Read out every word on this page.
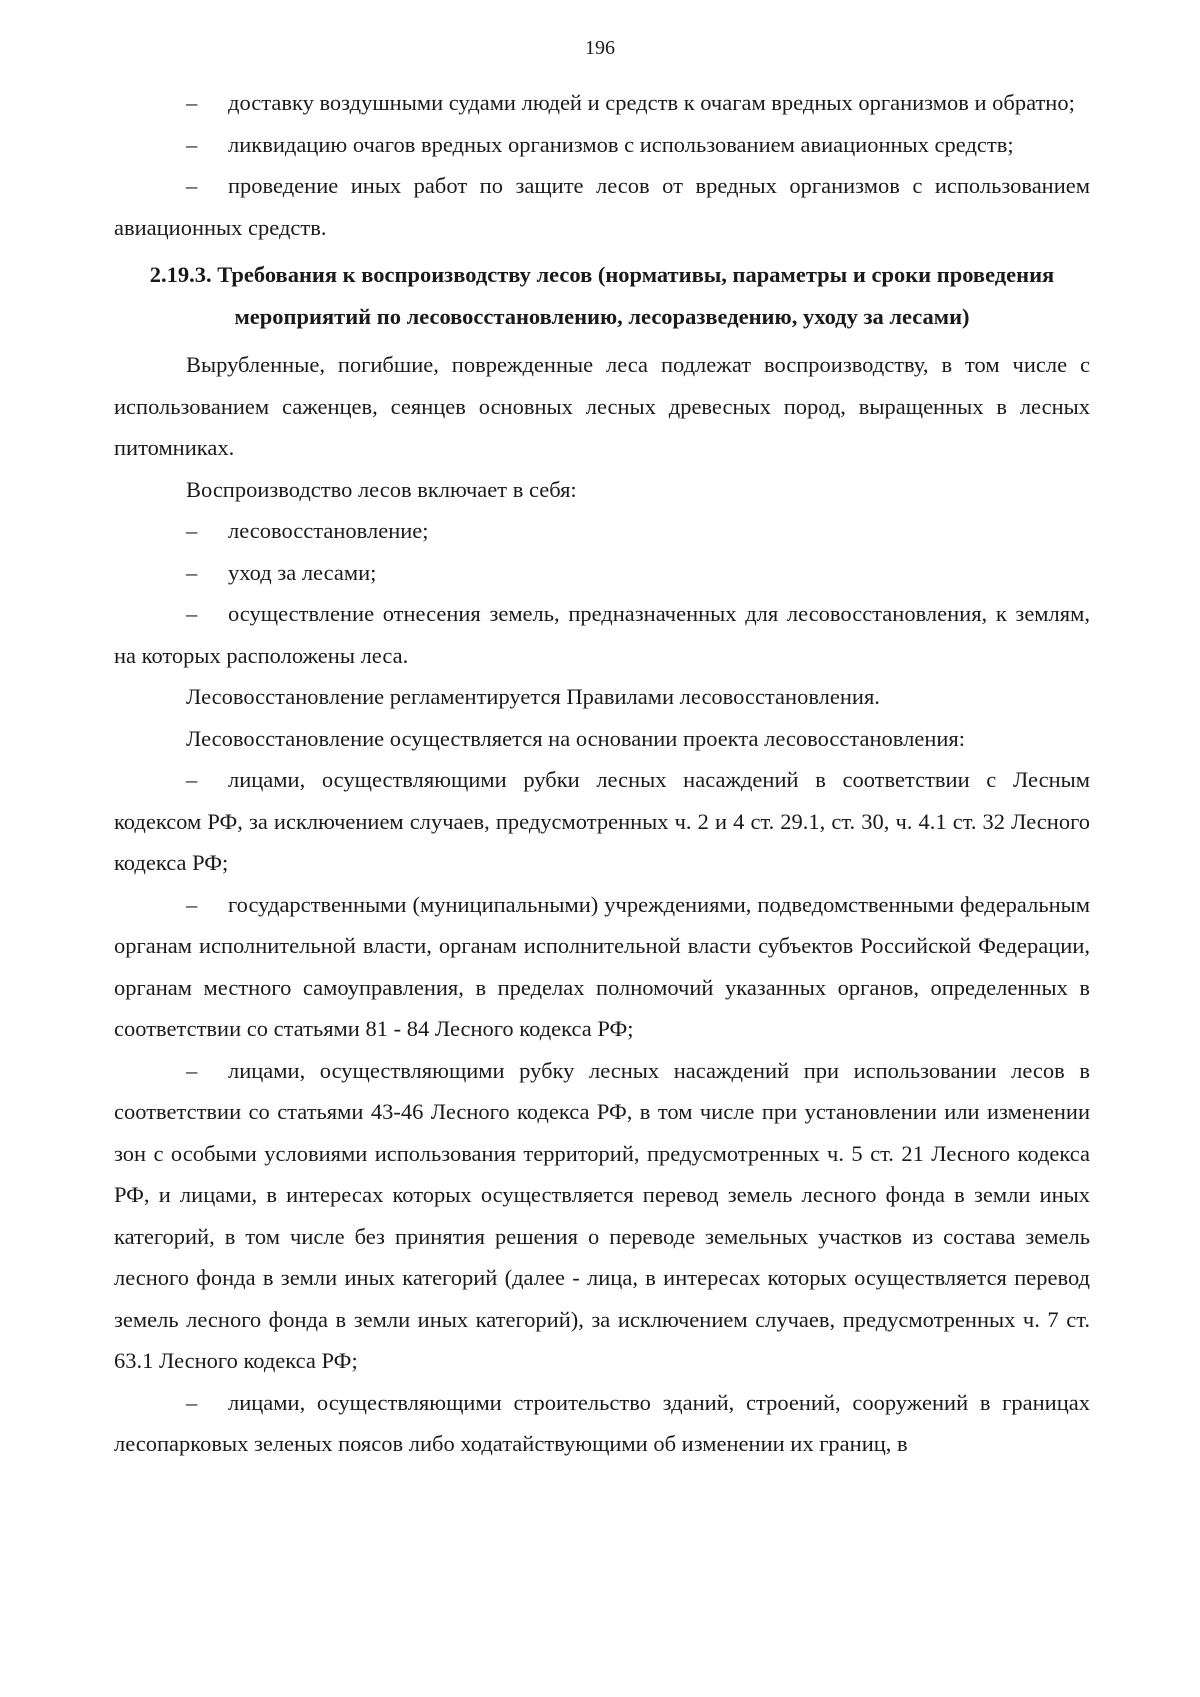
196

– доставку воздушными судами людей и средств к очагам вредных организмов и обратно;

– ликвидацию очагов вредных организмов с использованием авиационных средств;

– проведение иных работ по защите лесов от вредных организмов с использованием авиационных средств.

2.19.3. Требования к воспроизводству лесов (нормативы, параметры и сроки проведения мероприятий по лесовосстановлению, лесоразведению, уходу за лесами)

Вырубленные, погибшие, поврежденные леса подлежат воспроизводству, в том числе с использованием саженцев, сеянцев основных лесных древесных пород, выращенных в лесных питомниках.

Воспроизводство лесов включает в себя:

– лесовосстановление;

– уход за лесами;

– осуществление отнесения земель, предназначенных для лесовосстановления, к землям, на которых расположены леса.

Лесовосстановление регламентируется Правилами лесовосстановления.

Лесовосстановление осуществляется на основании проекта лесовосстановления:

– лицами, осуществляющими рубки лесных насаждений в соответствии с Лесным кодексом РФ, за исключением случаев, предусмотренных ч. 2 и 4 ст. 29.1, ст. 30, ч. 4.1 ст. 32 Лесного кодекса РФ;

– государственными (муниципальными) учреждениями, подведомственными федеральным органам исполнительной власти, органам исполнительной власти субъектов Российской Федерации, органам местного самоуправления, в пределах полномочий указанных органов, определенных в соответствии со статьями 81 - 84 Лесного кодекса РФ;

– лицами, осуществляющими рубку лесных насаждений при использовании лесов в соответствии со статьями 43-46 Лесного кодекса РФ, в том числе при установлении или изменении зон с особыми условиями использования территорий, предусмотренных ч. 5 ст. 21 Лесного кодекса РФ, и лицами, в интересах которых осуществляется перевод земель лесного фонда в земли иных категорий, в том числе без принятия решения о переводе земельных участков из состава земель лесного фонда в земли иных категорий (далее - лица, в интересах которых осуществляется перевод земель лесного фонда в земли иных категорий), за исключением случаев, предусмотренных ч. 7 ст. 63.1 Лесного кодекса РФ;

– лицами, осуществляющими строительство зданий, строений, сооружений в границах лесопарковых зеленых поясов либо ходатайствующими об изменении их границ, в
